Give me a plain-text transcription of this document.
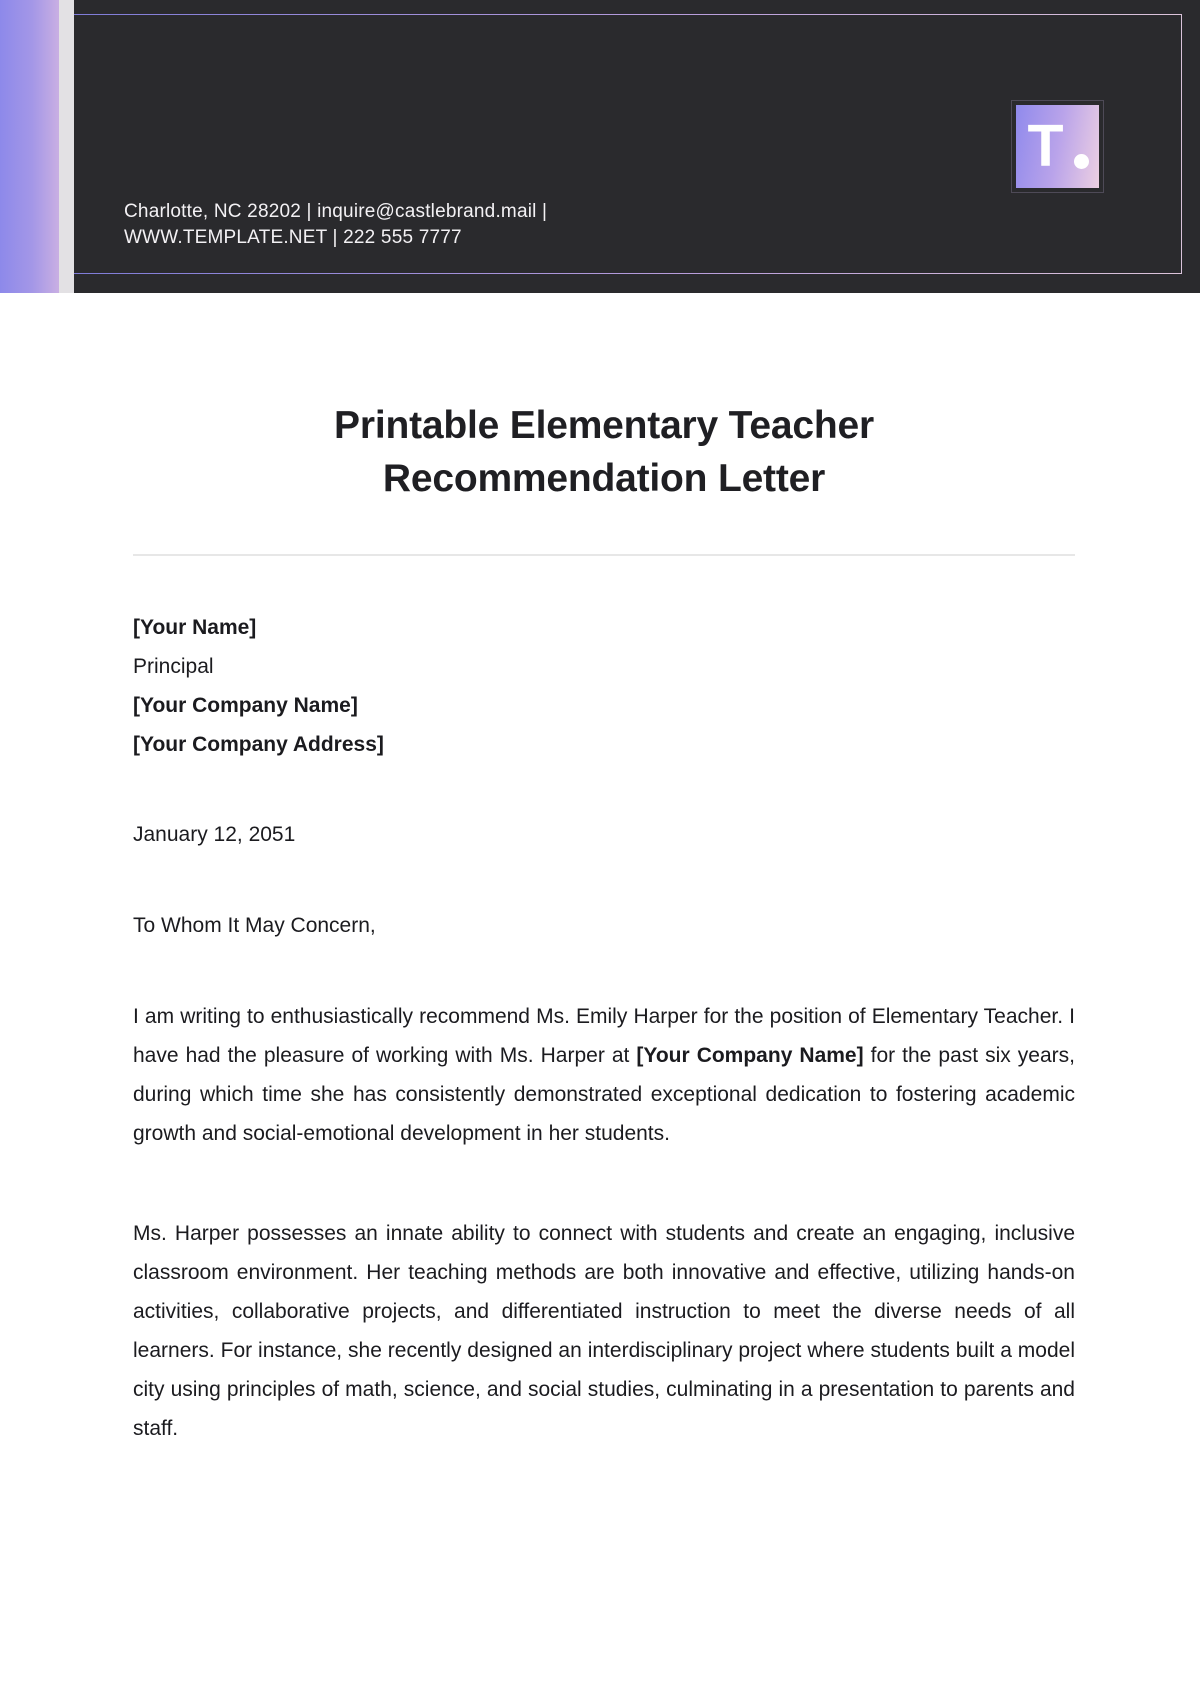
Charlotte, NC 28202 | inquire@castlebrand.mail |
WWW.TEMPLATE.NET | 222 555 7777
T
Printable Elementary Teacher
Recommendation Letter
[Your Name]
Principal
[Your Company Name]
[Your Company Address]
January 12, 2051
To Whom It May Concern,

I am writing to enthusiastically recommend Ms. Emily Harper for the position of Elementary Teacher. I have had the pleasure of working with Ms. Harper at [Your Company Name] for the past six years, during which time she has consistently demonstrated exceptional dedication to fostering academic growth and social-emotional development in her students.

Ms. Harper possesses an innate ability to connect with students and create an engaging, inclusive classroom environment. Her teaching methods are both innovative and effective, utilizing hands-on activities, collaborative projects, and differentiated instruction to meet the diverse needs of all learners. For instance, she recently designed an interdisciplinary project where students built a model city using principles of math, science, and social studies, culminating in a presentation to parents and staff.
